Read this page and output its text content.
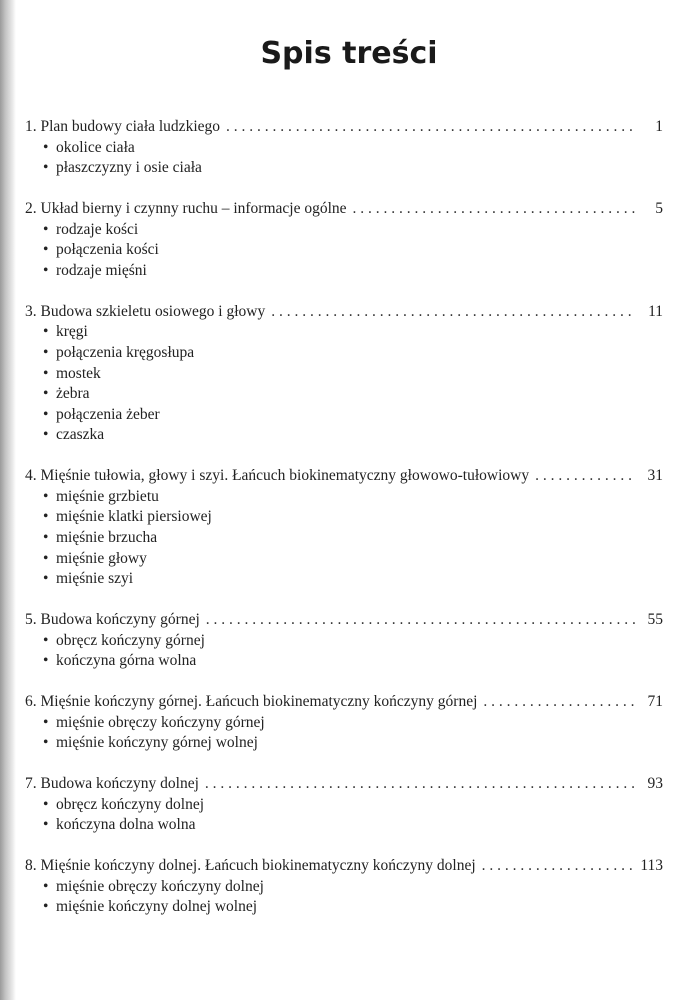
Spis treści
1. Plan budowy ciała ludzkiego . . .	1
• okolice ciała
• płaszczyzny i osie ciała
2. Układ bierny i czynny ruchu – informacje ogólne . . .	5
• rodzaje kości
• połączenia kości
• rodzaje mięśni
3. Budowa szkieletu osiowego i głowy . . .	11
• kręgi
• połączenia kręgosłupa
• mostek
• żebra
• połączenia żeber
• czaszka
4. Mięśnie tułowia, głowy i szyi. Łańcuch biokinematyczny głowowo-tułowiowy . . .	31
• mięśnie grzbietu
• mięśnie klatki piersiowej
• mięśnie brzucha
• mięśnie głowy
• mięśnie szyi
5. Budowa kończyny górnej . . .	55
• obręcz kończyny górnej
• kończyna górna wolna
6. Mięśnie kończyny górnej. Łańcuch biokinematyczny kończyny górnej . . .	71
• mięśnie obręczy kończyny górnej
• mięśnie kończyny górnej wolnej
7. Budowa kończyny dolnej . . .	93
• obręcz kończyny dolnej
• kończyna dolna wolna
8. Mięśnie kończyny dolnej. Łańcuch biokinematyczny kończyny dolnej . . .	113
• mięśnie obręczy kończyny dolnej
• mięśnie kończyny dolnej wolnej
